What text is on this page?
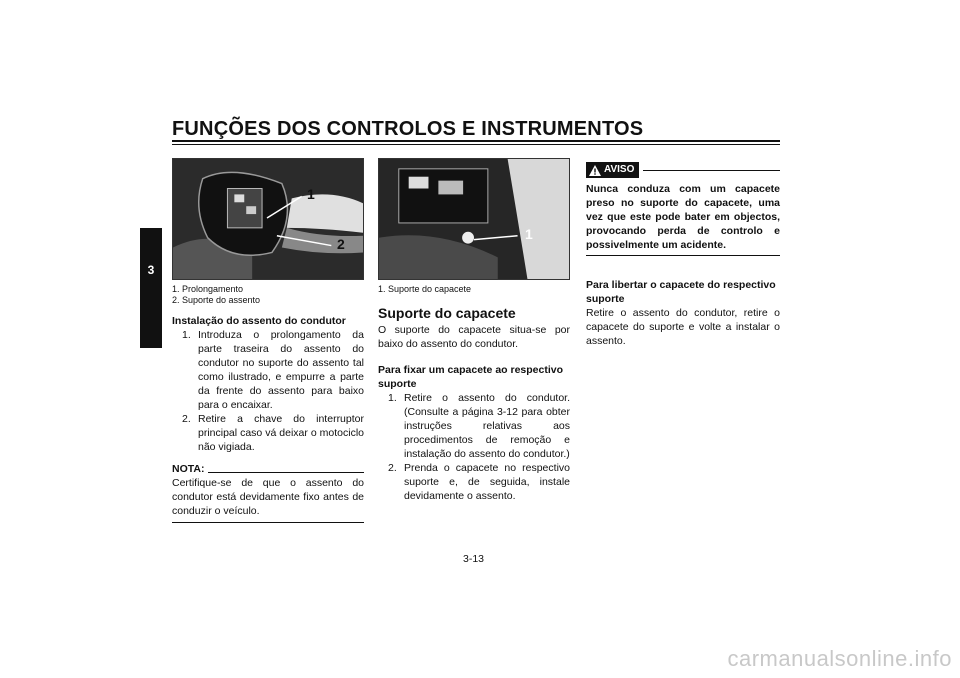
FUNÇÕES DOS CONTROLOS E INSTRUMENTOS
3
1
2
1. Prolongamento
2. Suporte do assento
Instalação do assento do condutor
1. Introduza o prolongamento da parte traseira do assento do condutor no suporte do assento tal como ilustrado, e empurre a parte da frente do assento para baixo para o encaixar.
2. Retire a chave do interruptor principal caso vá deixar o motociclo não vigiada.
NOTA:

Certifique-se de que o assento do condutor está devidamente fixo antes de conduzir o veículo.

1
1. Suporte do capacete
Suporte do capacete

O suporte do capacete situa-se por baixo do assento do condutor.

Para fixar um capacete ao respectivo suporte
1. Retire o assento do condutor. (Consulte a página 3-12 para obter instruções relativas aos procedimentos de remoção e instalação do assento do condutor.)
2. Prenda o capacete no respectivo suporte e, de seguida, instale devidamente o assento.
AVISO
Nunca conduza com um capacete preso no suporte do capacete, uma vez que este pode bater em objectos, provocando perda de controlo e possivelmente um acidente.
Para libertar o capacete do respectivo suporte

Retire o assento do condutor, retire o capacete do suporte e volte a instalar o assento.

3-13
carmanualsonline.info
